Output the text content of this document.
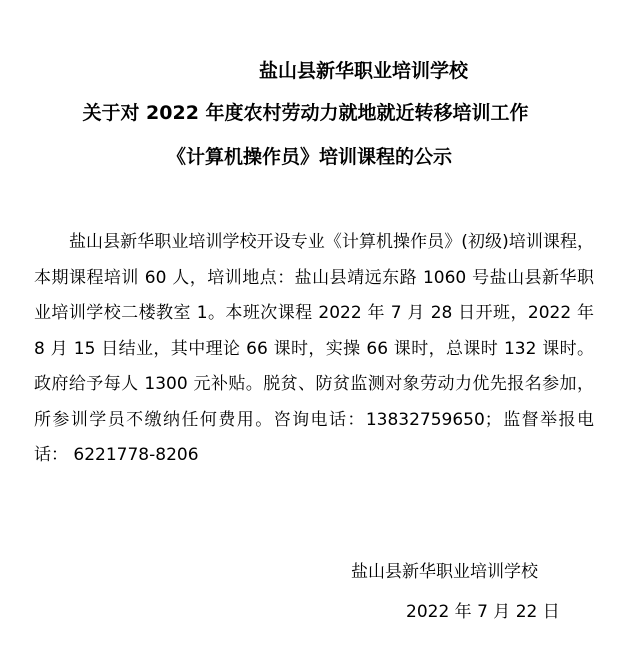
盐山县新华职业培训学校
关于对 2022 年度农村劳动力就地就近转移培训工作
《计算机操作员》培训课程的公示

盐山县新华职业培训学校开设专业《计算机操作员》(初级)培训课程，本期课程培训 60 人，培训地点：盐山县靖远东路 1060 号盐山县新华职业培训学校二楼教室 1。本班次课程 2022 年 7 月 28 日开班，2022 年 8 月 15 日结业，其中理论 66 课时，实操 66 课时，总课时 132 课时。政府给予每人 1300 元补贴。脱贫、防贫监测对象劳动力优先报名参加，所参训学员不缴纳任何费用。咨询电话：13832759650；监督举报电话： 6221778-8206

盐山县新华职业培训学校
2022 年 7 月 22 日
